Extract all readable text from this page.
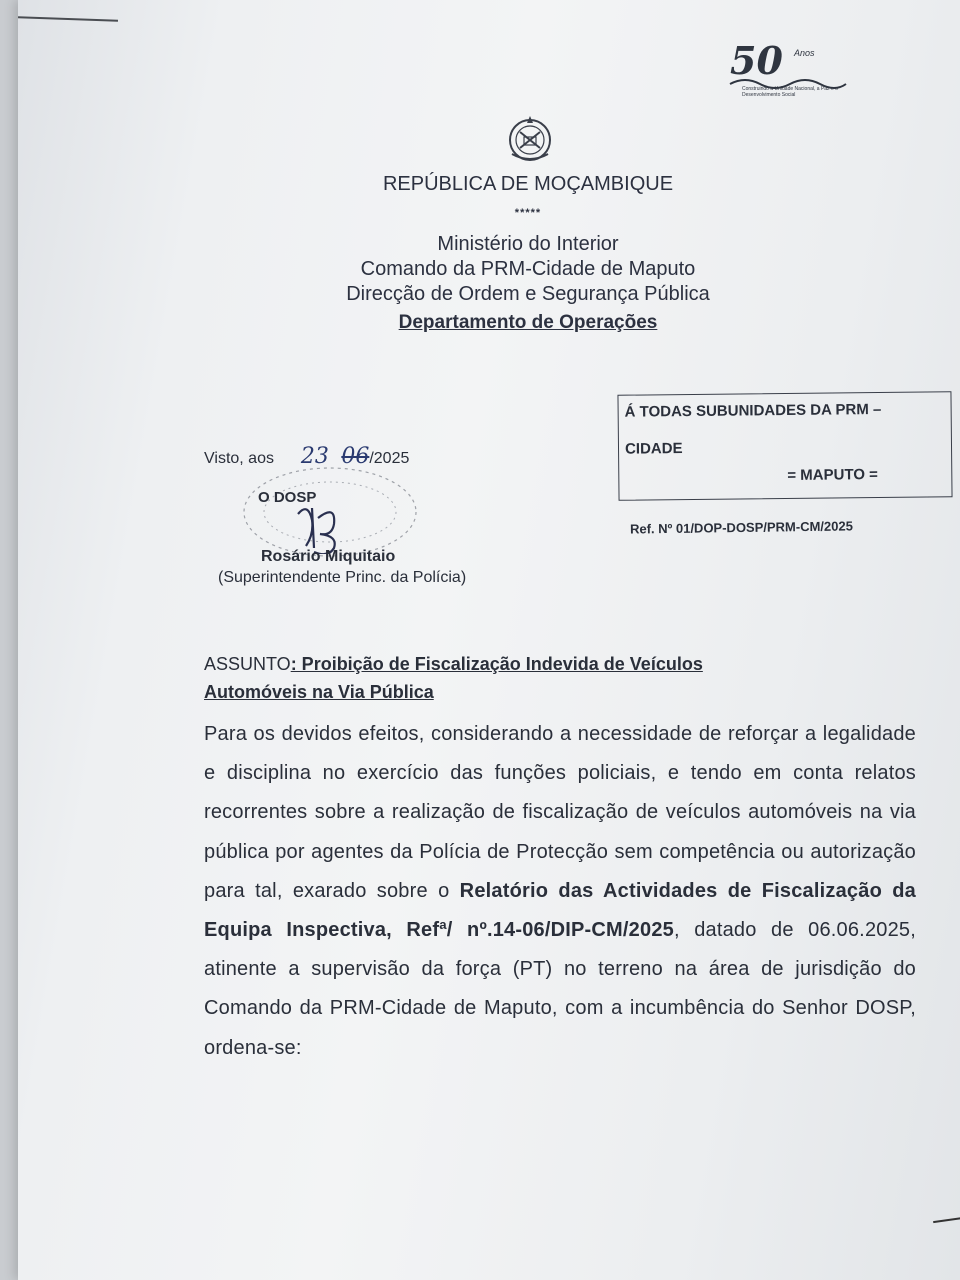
50 Anos
Construindo a Unidade Nacional, a Paz e o Desenvolvimento Social
REPÚBLICA DE MOÇAMBIQUE
*****
Ministério do Interior
Comando da PRM-Cidade de Maputo
Direcção de Ordem e Segurança Pública
Departamento de Operações
Á TODAS SUBUNIDADES DA PRM –
CIDADE
= MAPUTO =
Ref. Nº 01/DOP-DOSP/PRM-CM/2025
Visto, aos 23 06/2025
O DOSP
Rosário Miquitaio
(Superintendente Princ. da Polícia)
ASSUNTO: Proibição de Fiscalização Indevida de Veículos
Automóveis na Via Pública
Para os devidos efeitos, considerando a necessidade de reforçar a legalidade e disciplina no exercício das funções policiais, e tendo em conta relatos recorrentes sobre a realização de fiscalização de veículos automóveis na via pública por agentes da Polícia de Protecção sem competência ou autorização para tal, exarado sobre o Relatório das Actividades de Fiscalização da Equipa Inspectiva, Refª/ nº.14-06/DIP-CM/2025, datado de 06.06.2025, atinente a supervisão da força (PT) no terreno na área de jurisdição do Comando da PRM-Cidade de Maputo, com a incumbência do Senhor DOSP, ordena-se:
